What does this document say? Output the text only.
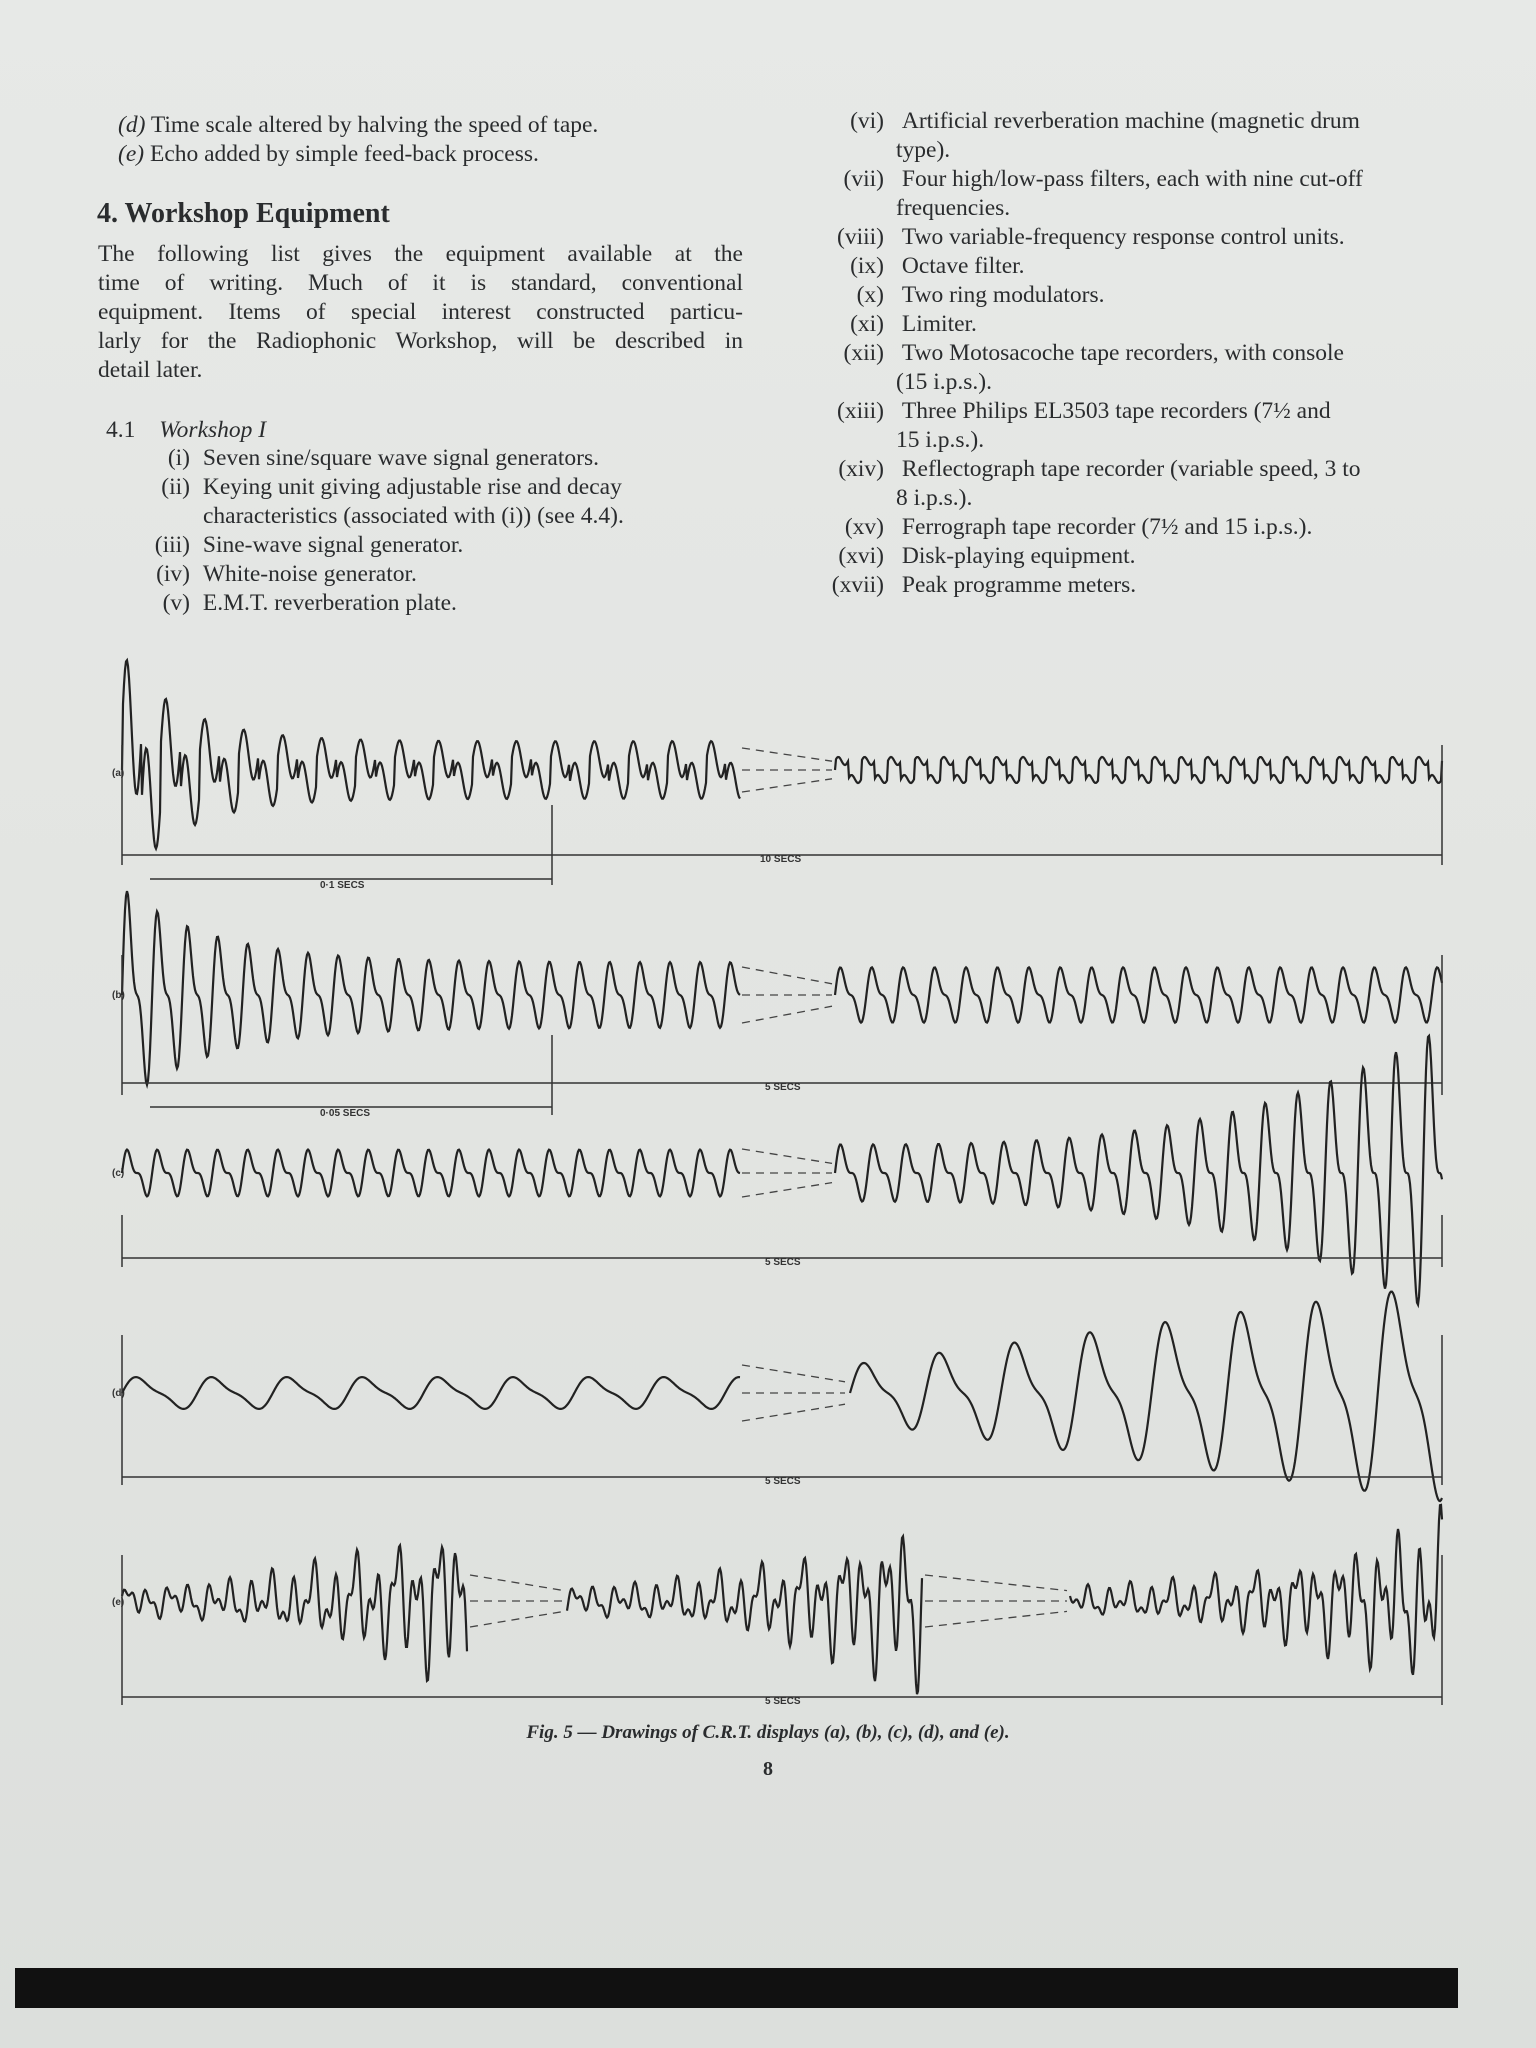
(d) Time scale altered by halving the speed of tape.
(e) Echo added by simple feed-back process.
4. Workshop Equipment
The following list gives the equipment available at the
time of writing. Much of it is standard, conventional
equipment. Items of special interest constructed particu-
larly for the Radiophonic Workshop, will be described in
detail later.
4.1 Workshop I
(i) Seven sine/square wave signal generators.
(ii) Keying unit giving adjustable rise and decay
characteristics (associated with (i)) (see 4.4).
(iii) Sine-wave signal generator.
(iv) White-noise generator.
(v) E.M.T. reverberation plate.
(vi) Artificial reverberation machine (magnetic drum
type).
(vii) Four high/low-pass filters, each with nine cut-off
frequencies.
(viii) Two variable-frequency response control units.
(ix) Octave filter.
(x) Two ring modulators.
(xi) Limiter.
(xii) Two Motosacoche tape recorders, with console
(15 i.p.s.).
(xiii) Three Philips EL3503 tape recorders (7½ and
15 i.p.s.).
(xiv) Reflectograph tape recorder (variable speed, 3 to
8 i.p.s.).
(xv) Ferrograph tape recorder (7½ and 15 i.p.s.).
(xvi) Disk-playing equipment.
(xvii) Peak programme meters.
(a)
10 SECS
0·1 SECS
(b)
5 SECS
0·05 SECS
(c)
5 SECS
(d)
5 SECS
(e)
5 SECS
Fig. 5 — Drawings of C.R.T. displays (a), (b), (c), (d), and (e).
8
